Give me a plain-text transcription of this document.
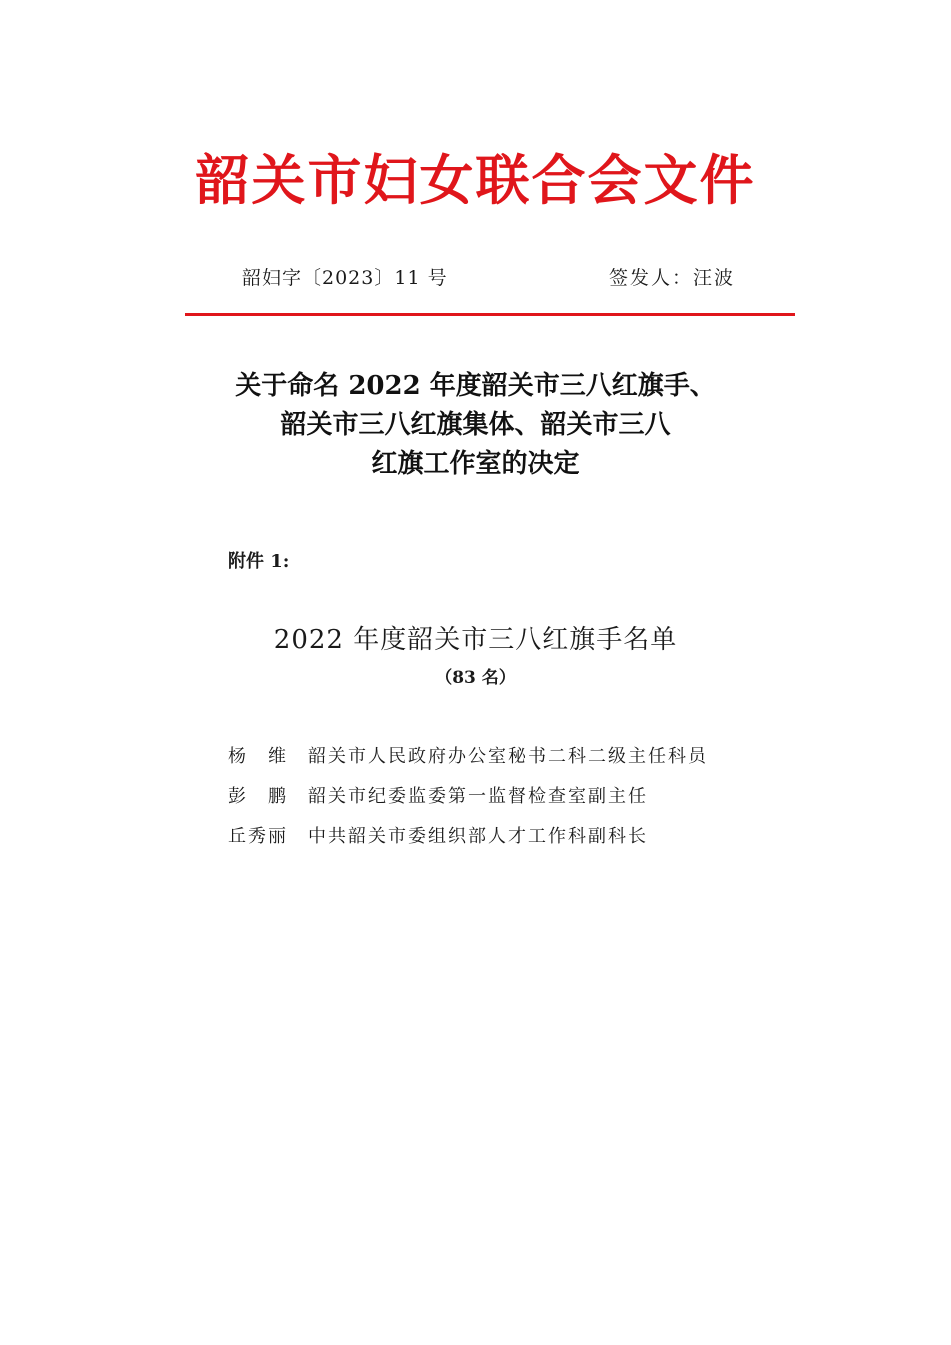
韶关市妇女联合会文件
韶妇字〔2023〕11 号	签发人：汪波
关于命名 2022 年度韶关市三八红旗手、
韶关市三八红旗集体、韶关市三八
红旗工作室的决定
附件 1:
2022 年度韶关市三八红旗手名单
（83 名）
杨　维 韶关市人民政府办公室秘书二科二级主任科员
彭　鹏 韶关市纪委监委第一监督检查室副主任
丘秀丽 中共韶关市委组织部人才工作科副科长
